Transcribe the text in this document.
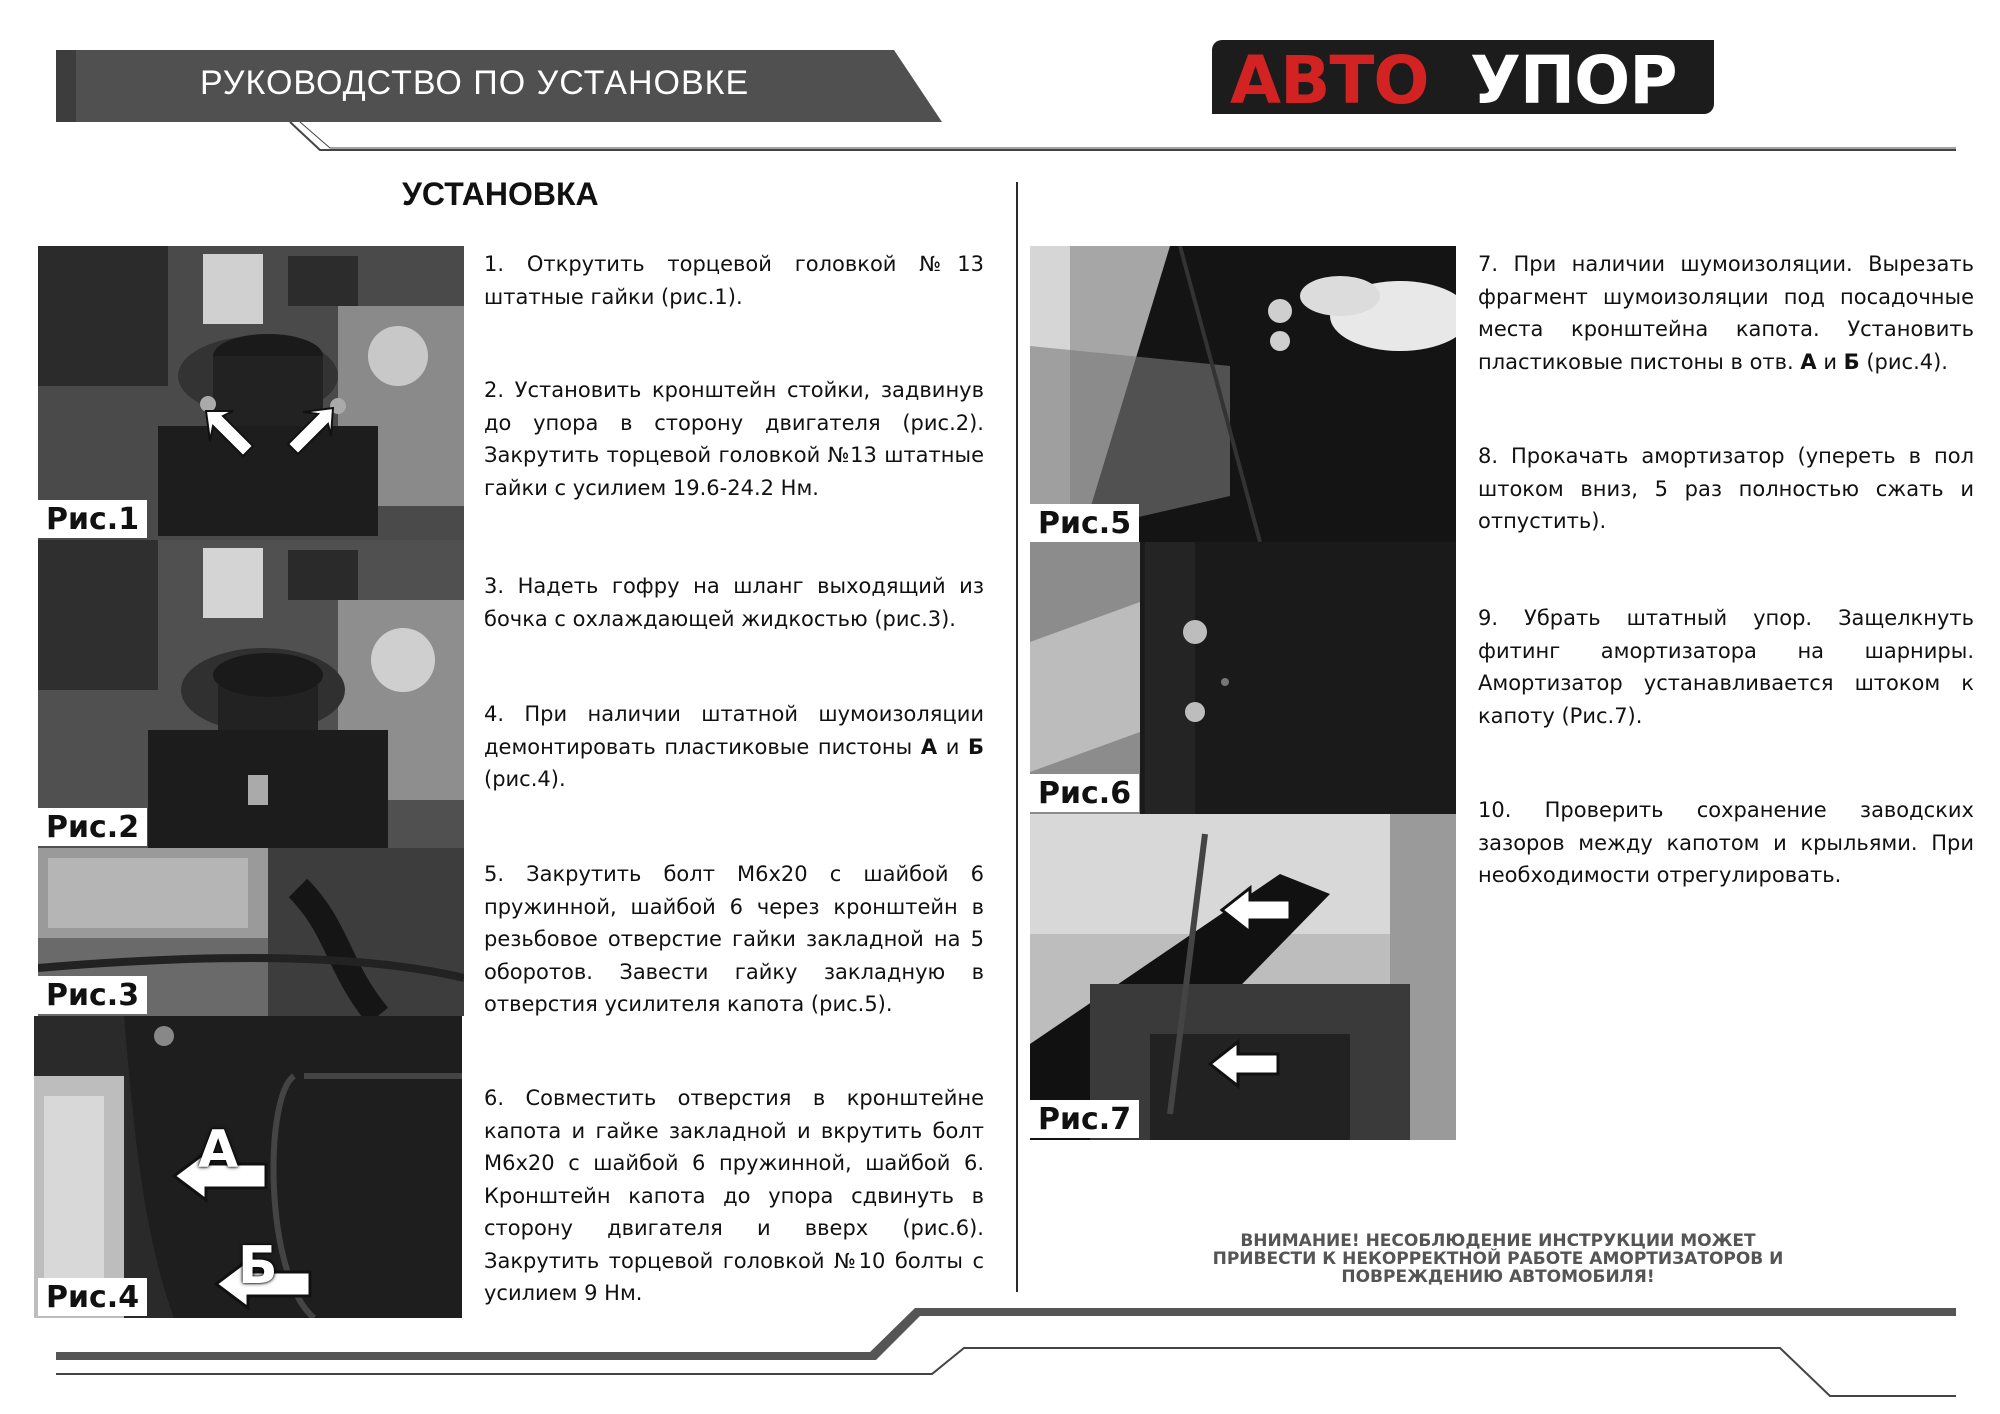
РУКОВОДСТВО ПО УСТАНОВКЕ	АВТО УПОР
УСТАНОВКА
Рис.1
Рис.2
Рис.3
А
Б
Рис.4
Рис.5
Рис.6
Рис.7
1. Открутить торцевой головкой №13 штатные гайки (рис.1).
2. Установить кронштейн стойки, задвинув до упора в сторону двигателя (рис.2). Закрутить торцевой головкой №13 штатные гайки с усилием 19.6-24.2 Нм.
3. Надеть гофру на шланг выходящий из бочка с охлаждающей жидкостью (рис.3).
4. При наличии штатной шумоизоляции демонтировать пластиковые пистоны А и Б (рис.4).
5. Закрутить болт М6х20 с шайбой 6 пружинной, шайбой 6 через кронштейн в резьбовое отверстие гайки закладной на 5 оборотов. Завести гайку закладную в отверстия усилителя капота (рис.5).
6. Совместить отверстия в кронштейне капота и гайке закладной и вкрутить болт М6х20 с шайбой 6 пружинной, шайбой 6. Кронштейн капота до упора сдвинуть в сторону двигателя и вверх (рис.6). Закрутить торцевой головкой №10 болты с усилием 9 Нм.
7. При наличии шумоизоляции. Вырезать фрагмент шумоизоляции под посадочные места кронштейна капота. Установить пластиковые пистоны в отв. А и Б (рис.4).
8. Прокачать амортизатор (упереть в пол штоком вниз, 5 раз полностью сжать и отпустить).
9. Убрать штатный упор. Защелкнуть фитинг амортизатора на шарниры. Амортизатор устанавливается штоком к капоту (Рис.7).
10. Проверить сохранение заводских зазоров между капотом и крыльями. При необходимости отрегулировать.
ВНИМАНИЕ! НЕСОБЛЮДЕНИЕ ИНСТРУКЦИИ МОЖЕТ ПРИВЕСТИ К НЕКОРРЕКТНОЙ РАБОТЕ АМОРТИЗАТОРОВ И ПОВРЕЖДЕНИЮ АВТОМОБИЛЯ!
